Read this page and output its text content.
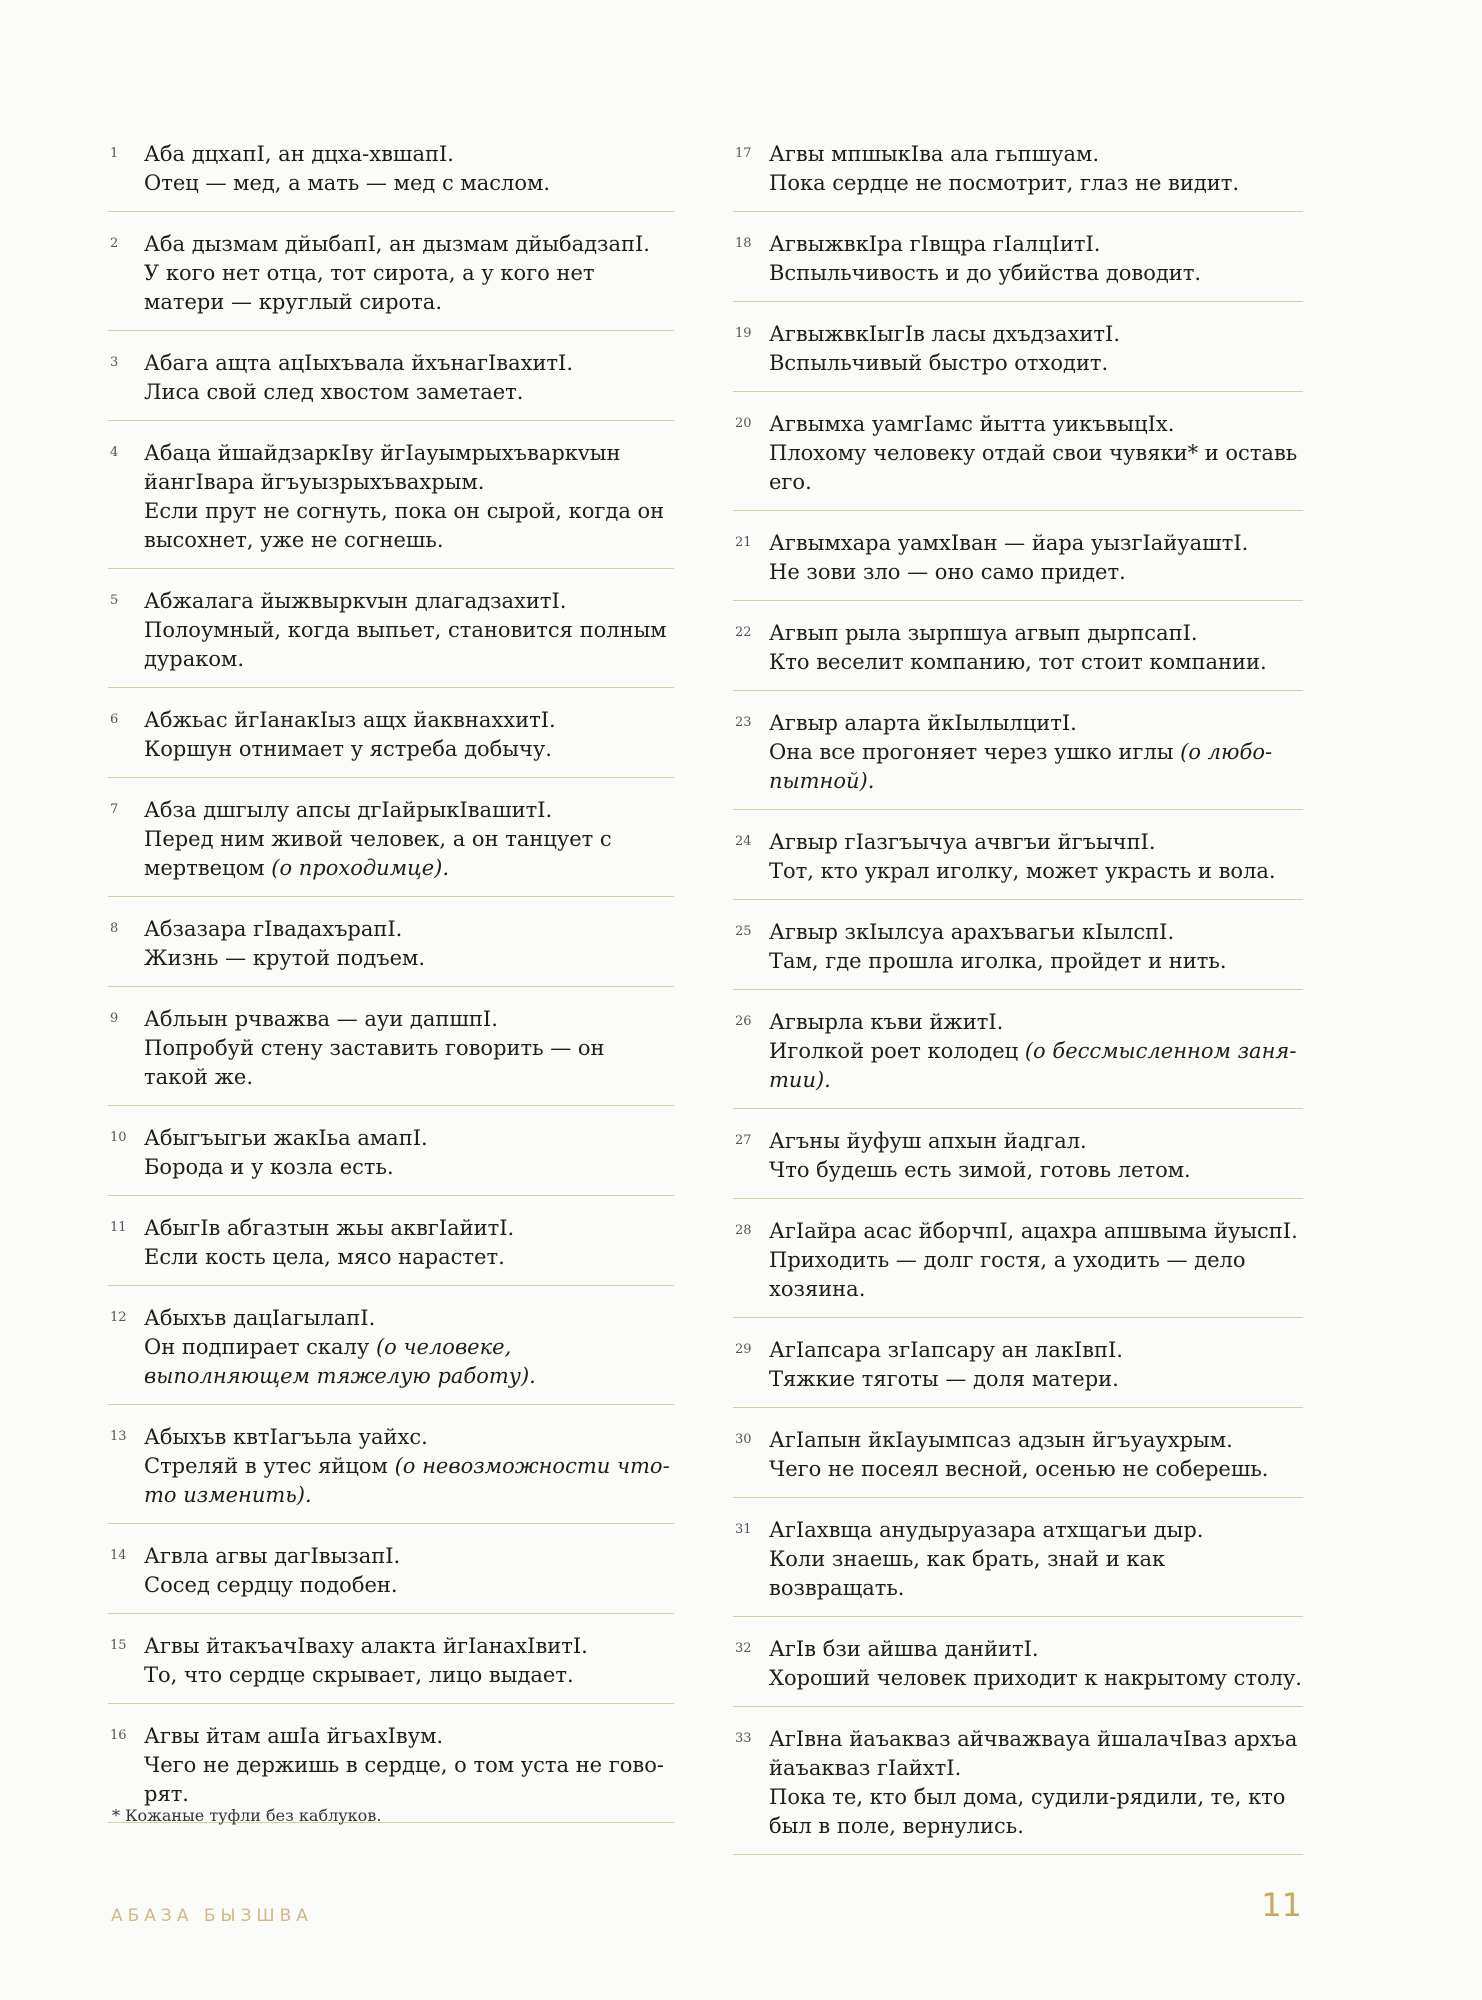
1 Аба дцхапI, ан дцха-хвшапI.
Отец — мед, а мать — мед с маслом.
2 Аба дызмам дйыбапI, ан дызмам дйыбадзапI.
У кого нет отца, тот сирота, а у кого нет матери — круглый сирота.
3 Абага ащта ацIыхъвала йхънагIвахитI.
Лиса свой след хвостом заметает.
4 Абаца йшайдзаркIву йгIауымрыхъваркvын йангIвара йгъуызрыхъвахрым.
Если прут не согнуть, пока он сырой, когда он высохнет, уже не согнешь.
5 Абжалага йыжвыркvын длагадзахитI.
Полоумный, когда выпьет, становится полным дураком.
6 Абжьас йгIанакIыз ащх йаквнаххитI.
Коршун отнимает у ястреба добычу.
7 Абза дшгылу апсы дгIайрыкIвашитI.
Перед ним живой человек, а он танцует с мертвецом (о проходимце).
8 Абзазара гIвадахърапI.
Жизнь — крутой подъем.
9 Абльын рчважва — ауи дапшпI.
Попробуй стену заставить говорить — он такой же.
10 Абыгъыгьи жакIьа амапI.
Борода и у козла есть.
11 АбыгIв абгазтын жьы аквгIайитI.
Если кость цела, мясо нарастет.
12 Абыхъв дацIагылапI.
Он подпирает скалу (о человеке, выполняющем тяжелую работу).
13 Абыхъв квтIагъьла уайхс.
Стреляй в утес яйцом (о невозможности что-то изменить).
14 Агвла агвы дагIвызапI.
Сосед сердцу подобен.
15 Агвы йтакъачIваху алакта йгIанахIвитI.
То, что сердце скрывает, лицо выдает.
16 Агвы йтам ашIа йгьахIвум.
Чего не держишь в сердце, о том уста не говорят.
17 Агвы мпшыкIва ала гьпшуам.
Пока сердце не посмотрит, глаз не видит.
18 АгвыжвкIра гIвщра гIалцIитI.
Вспыльчивость и до убийства доводит.
19 АгвыжвкIыгIв ласы дхъдзахитI.
Вспыльчивый быстро отходит.
20 Агвымха уамгIамс йытта уикъвыцIх.
Плохому человеку отдай свои чувяки* и оставь его.
21 Агвымхара уамхIван — йара уызгIайуаштI.
Не зови зло — оно само придет.
22 Агвып рыла зырпшуа агвып дырпсапI.
Кто веселит компанию, тот стоит компании.
23 Агвыр аларта йкIылылцитI.
Она все прогоняет через ушко иглы (о любопытной).
24 Агвыр гIазгъычуа ачвгъи йгъычпI.
Тот, кто украл иголку, может украсть и вола.
25 Агвыр зкIылсуа арахъвагьи кIылспI.
Там, где прошла иголка, пройдет и нить.
26 Агвырла къви йжитI.
Иголкой роет колодец (о бессмысленном занятии).
27 Агъны йуфуш апхын йадгал.
Что будешь есть зимой, готовь летом.
28 АгIайра асас йборчпI, ацахра апшвыма йуыспI.
Приходить — долг гостя, а уходить — дело хозяина.
29 АгIапсара згIапсару ан лакIвпI.
Тяжкие тяготы — доля матери.
30 АгIапын йкIауымпсаз адзын йгъуаухрым.
Чего не посеял весной, осенью не соберешь.
31 АгIахвща анудыруазара атхщагьи дыр.
Коли знаешь, как брать, знай и как возвращать.
32 АгIв бзи айшва данйитI.
Хороший человек приходит к накрытому столу.
33 АгIвна йаъакваз айчважвауа йшалачIваз архъа йаъакваз гIайхтI.
Пока те, кто был дома, судили-рядили, те, кто был в поле, вернулись.
* Кожаные туфли без каблуков.
АБАЗА БЫЗШВА	11
